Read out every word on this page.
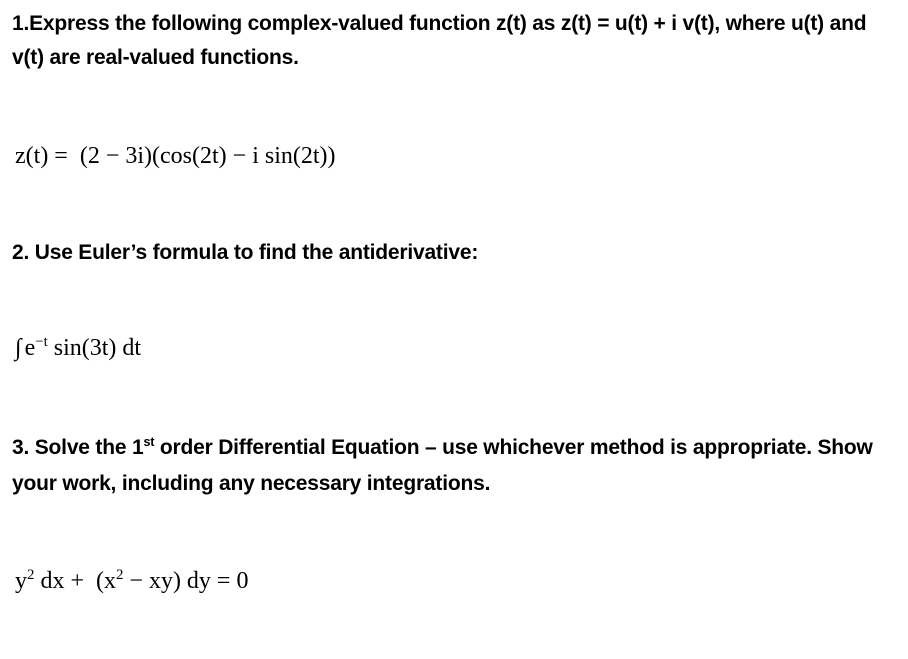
1.Express the following complex-valued function z(t) as z(t) = u(t) + i v(t), where u(t) and v(t) are real-valued functions.
z(t) =  (2 − 3i)(cos(2t) − i sin(2t))
2. Use Euler’s formula to find the antiderivative:
∫ $e^{-t}$ sin(3t) dt
3. Solve the 1st order Differential Equation – use whichever method is appropriate. Show your work, including any necessary integrations.
$y^2$ dx +  $(x^2 - xy)$ dy = 0
